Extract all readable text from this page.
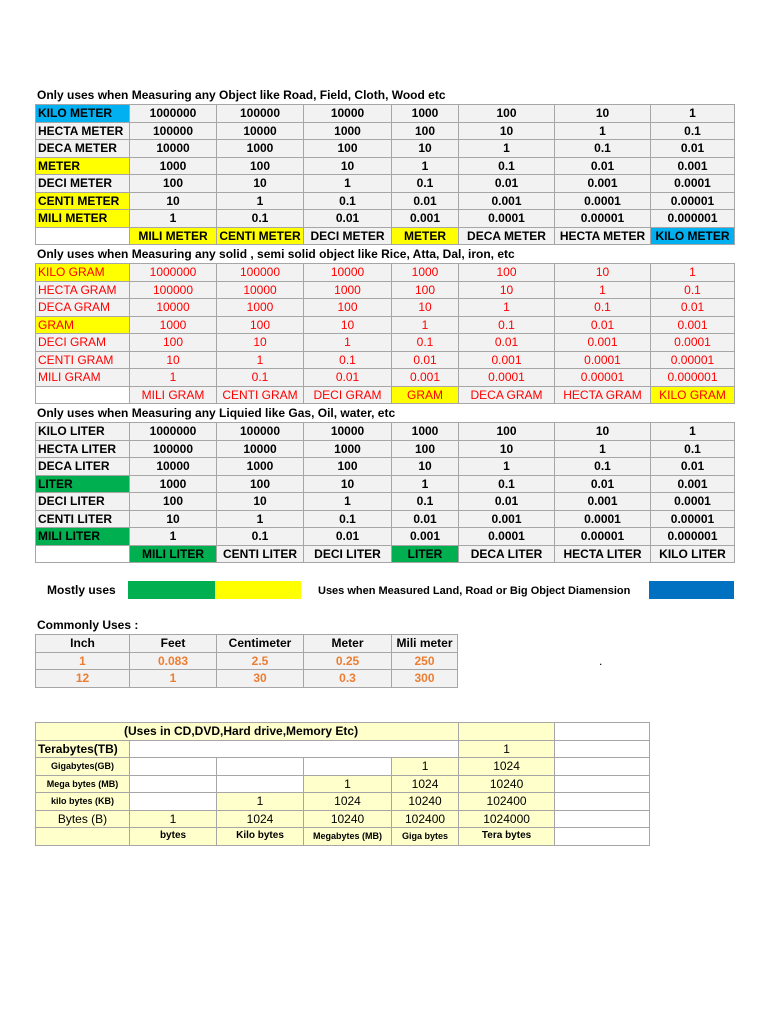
Only uses when Measuring any Object like Road, Field, Cloth, Wood etc
KILO METER	1000000	100000	10000	1000	100	10	1
HECTA METER	100000	10000	1000	100	10	1	0.1
DECA METER	10000	1000	100	10	1	0.1	0.01
METER	1000	100	10	1	0.1	0.01	0.001
DECI METER	100	10	1	0.1	0.01	0.001	0.0001
CENTI METER	10	1	0.1	0.01	0.001	0.0001	0.00001
MILI METER	1	0.1	0.01	0.001	0.0001	0.00001	0.000001
	MILI METER	CENTI METER	DECI METER	METER	DECA METER	HECTA METER	KILO METER
Only uses when Measuring any solid , semi solid object like Rice, Atta, Dal, iron, etc
KILO GRAM	1000000	100000	10000	1000	100	10	1
HECTA GRAM	100000	10000	1000	100	10	1	0.1
DECA GRAM	10000	1000	100	10	1	0.1	0.01
GRAM	1000	100	10	1	0.1	0.01	0.001
DECI GRAM	100	10	1	0.1	0.01	0.001	0.0001
CENTI GRAM	10	1	0.1	0.01	0.001	0.0001	0.00001
MILI GRAM	1	0.1	0.01	0.001	0.0001	0.00001	0.000001
	MILI GRAM	CENTI GRAM	DECI GRAM	GRAM	DECA GRAM	HECTA GRAM	KILO GRAM
Only uses when Measuring any Liquied like Gas, Oil, water, etc
KILO LITER	1000000	100000	10000	1000	100	10	1
HECTA LITER	100000	10000	1000	100	10	1	0.1
DECA LITER	10000	1000	100	10	1	0.1	0.01
LITER	1000	100	10	1	0.1	0.01	0.001
DECI LITER	100	10	1	0.1	0.01	0.001	0.0001
CENTI LITER	10	1	0.1	0.01	0.001	0.0001	0.00001
MILI LITER	1	0.1	0.01	0.001	0.0001	0.00001	0.000001
	MILI LITER	CENTI LITER	DECI LITER	LITER	DECA LITER	HECTA LITER	KILO LITER
Mostly uses	Uses when Measured Land, Road or Big Object Diamension
Commonly Uses :
Inch	Feet	Centimeter	Meter	Mili meter
1	0.083	2.5	0.25	250
12	1	30	0.3	300
.
(Uses in CD,DVD,Hard drive,Memory Etc)						
Terabytes(TB)					1	
Gigabytes(GB)				1	1024	
Mega bytes (MB)			1	1024	10240	
kilo bytes (KB)		1	1024	10240	102400	
Bytes (B)	1	1024	10240	102400	1024000	
	bytes	Kilo bytes	Megabytes (MB)	Giga bytes	Tera bytes	
